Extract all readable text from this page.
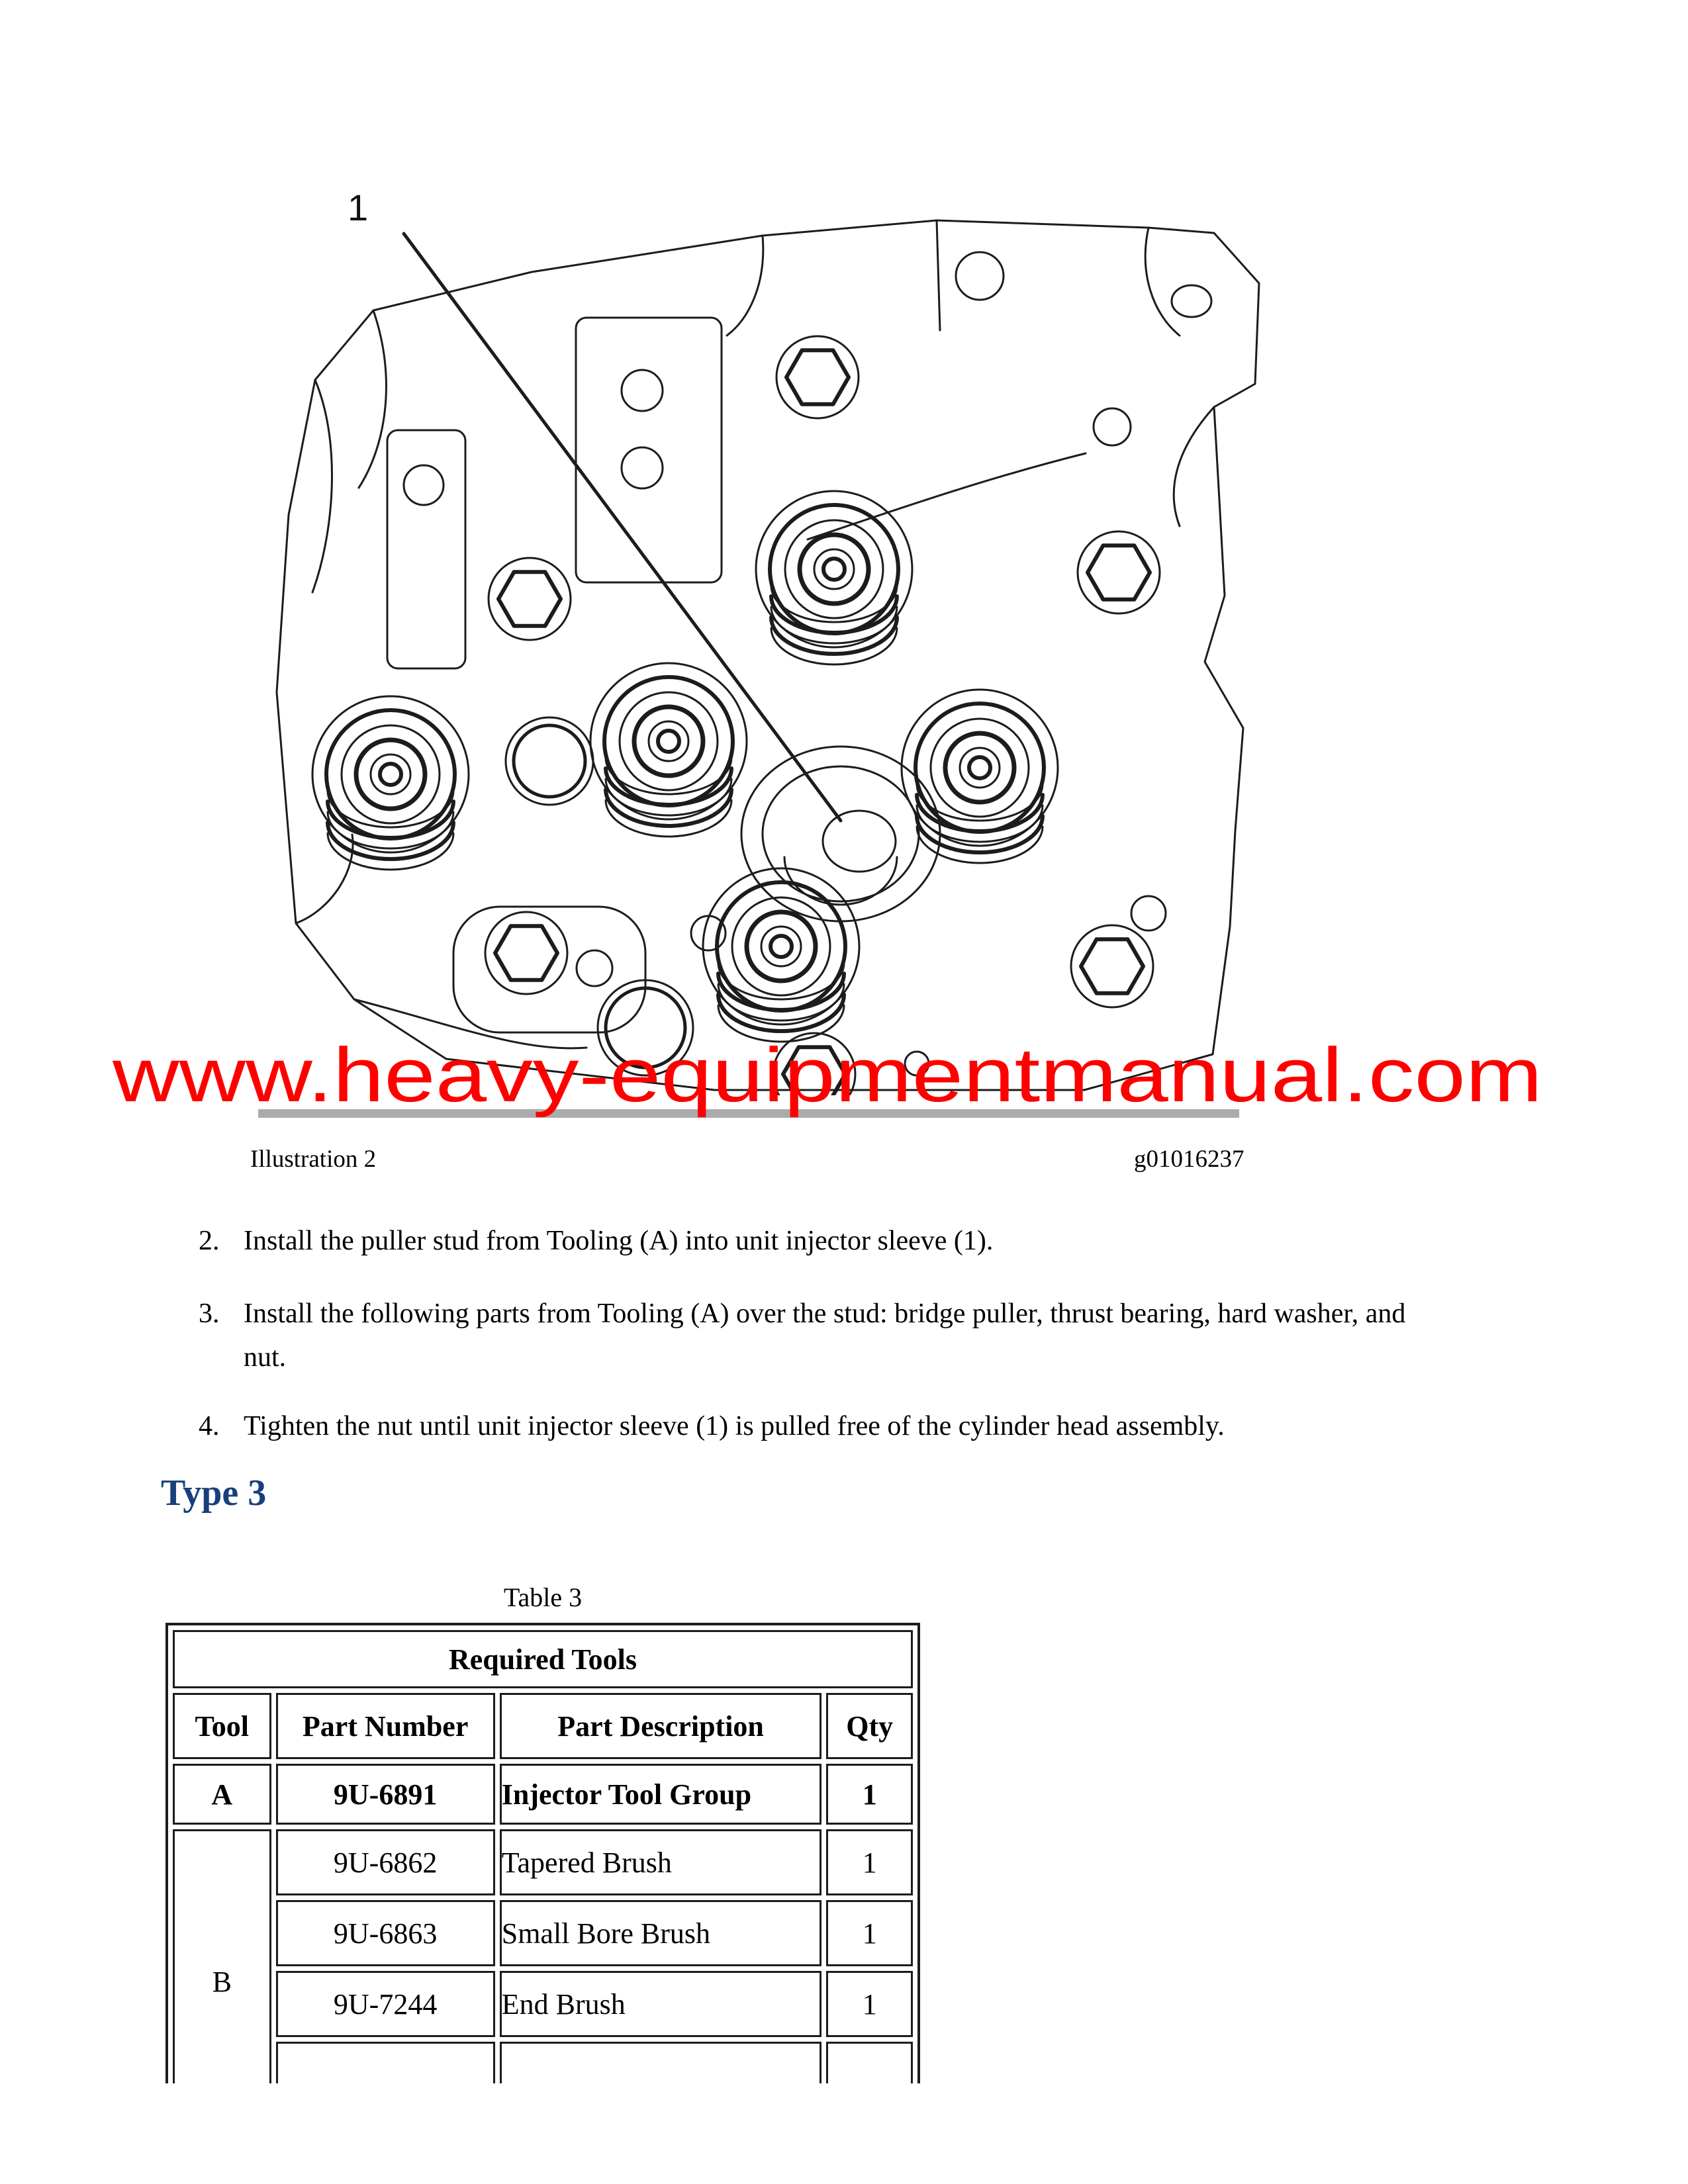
1
www.heavy-equipmentmanual.com
Illustration 2	g01016237
2. Install the puller stud from Tooling (A) into unit injector sleeve (1).
3. Install the following parts from Tooling (A) over the stud: bridge puller, thrust bearing, hard washer, and nut.
4. Tighten the nut until unit injector sleeve (1) is pulled free of the cylinder head assembly.
Type 3
Table 3
Required Tools			
Tool	Part Number	Part Description	Qty
A	9U-6891	Injector Tool Group	1
B	9U-6862	Tapered Brush	1
	9U-6863	Small Bore Brush	1
	9U-7244	End Brush	1
